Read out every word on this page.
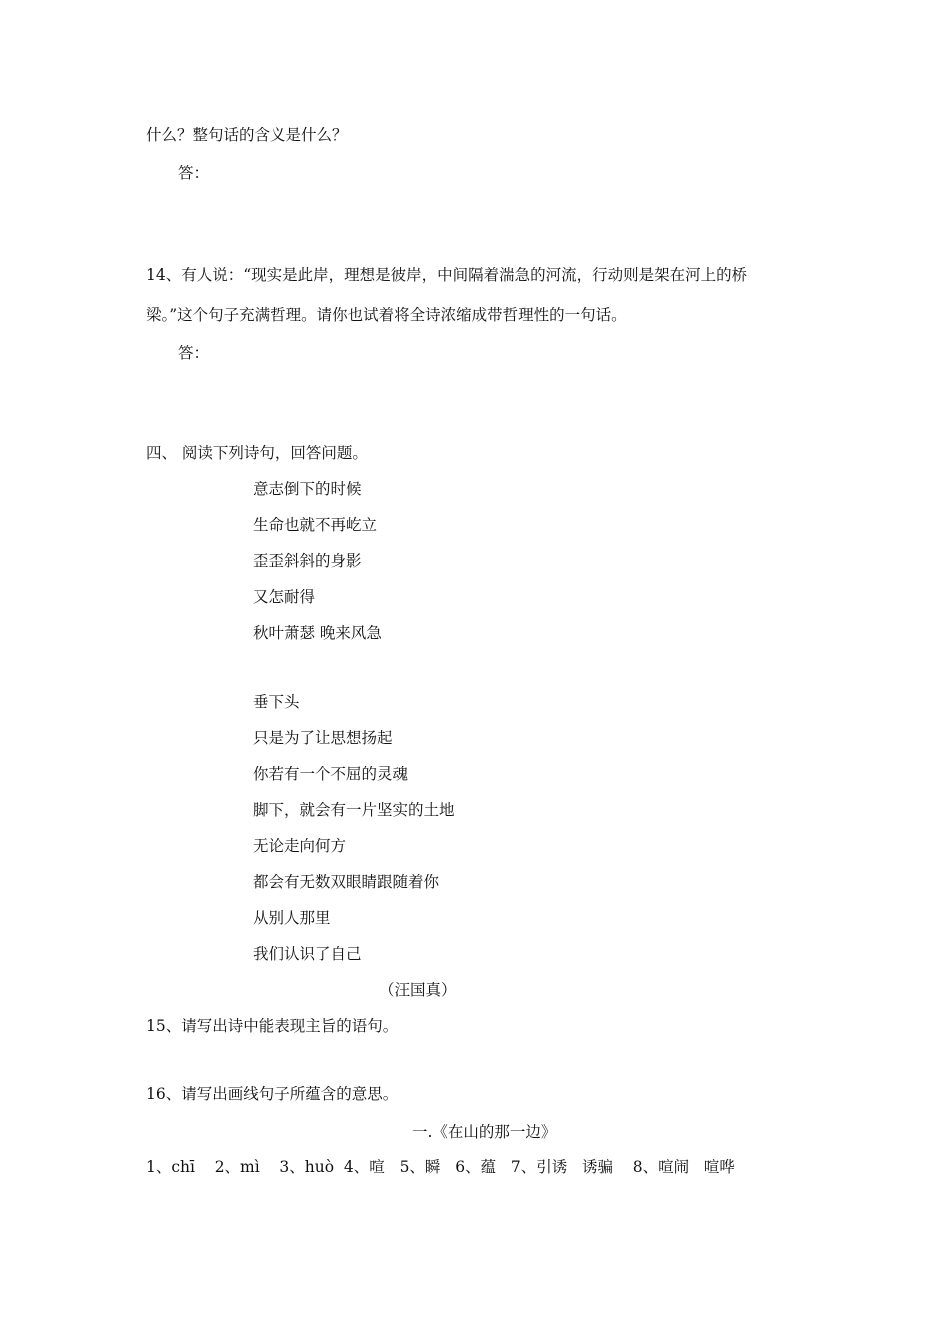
什么？整句话的含义是什么？
答：
14、有人说：“现实是此岸，理想是彼岸，中间隔着湍急的河流，行动则是架在河上的桥
梁。”这个句子充满哲理。请你也试着将全诗浓缩成带哲理性的一句话。
答：
四、 阅读下列诗句，回答问题。
意志倒下的时候
生命也就不再屹立
歪歪斜斜的身影
又怎耐得
秋叶萧瑟 晚来风急
垂下头
只是为了让思想扬起
你若有一个不屈的灵魂
脚下，就会有一片坚实的土地
无论走向何方
都会有无数双眼睛跟随着你
从别人那里
我们认识了自己
（汪国真）
15、请写出诗中能表现主旨的语句。
16、请写出画线句子所蕴含的意思。
一.《在山的那一边》
1、chī    2、mì    3、huò  4、喧   5、瞬   6、蕴   7、引诱   诱骗    8、喧闹   喧哗
